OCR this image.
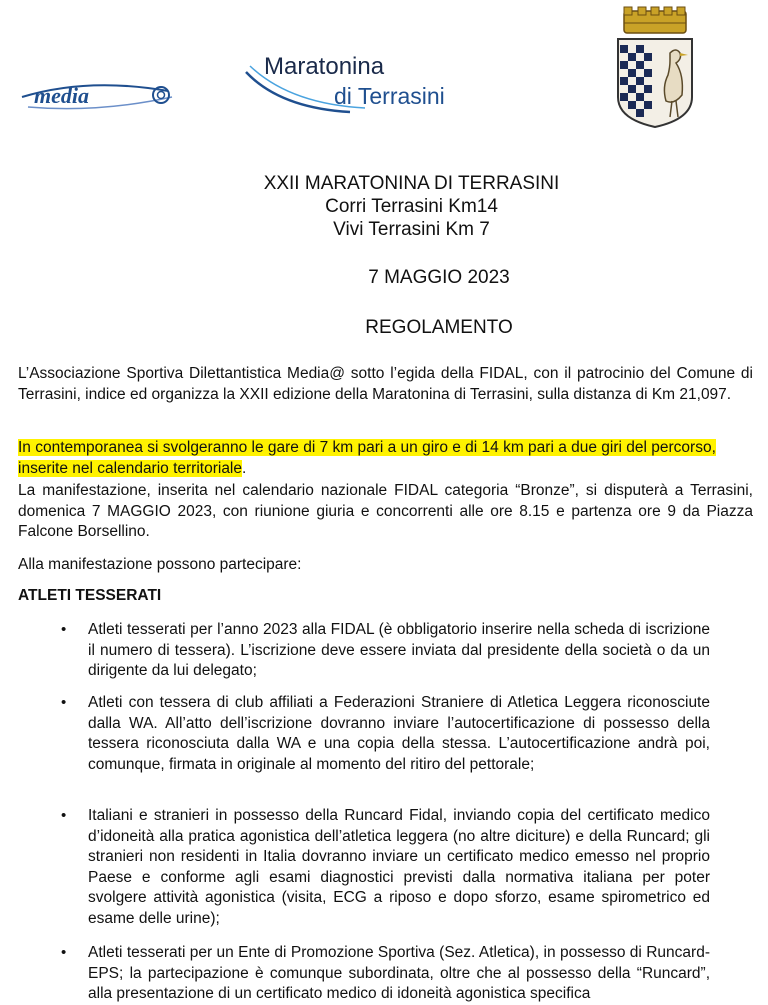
media
Maratonina
di Terrasini
XXII MARATONINA DI TERRASINI
Corri Terrasini Km14
Vivi Terrasini Km 7
7 MAGGIO 2023
REGOLAMENTO
L’Associazione Sportiva Dilettantistica Media@ sotto l’egida della FIDAL, con il patrocinio del Comune di Terrasini, indice ed organizza la XXII edizione della Maratonina di Terrasini, sulla distanza di Km 21,097.
In contemporanea si svolgeranno le gare di 7 km pari a un giro e di 14 km pari a due giri del percorso, inserite nel calendario territoriale.
La manifestazione, inserita nel calendario nazionale FIDAL categoria “Bronze”, si disputerà a Terrasini, domenica 7 MAGGIO 2023, con riunione giuria e concorrenti alle ore 8.15 e partenza ore 9 da Piazza Falcone Borsellino.
Alla manifestazione possono partecipare:
ATLETI TESSERATI
• Atleti tesserati per l’anno 2023 alla FIDAL (è obbligatorio inserire nella scheda di iscrizione il numero di tessera). L’iscrizione deve essere inviata dal presidente della società o da un dirigente da lui delegato;
• Atleti con tessera di club affiliati a Federazioni Straniere di Atletica Leggera riconosciute dalla WA. All’atto dell’iscrizione dovranno inviare l’autocertificazione di possesso della tessera riconosciuta dalla WA e una copia della stessa. L’autocertificazione andrà poi, comunque, firmata in originale al momento del ritiro del pettorale;
• Italiani e stranieri in possesso della Runcard Fidal, inviando copia del certificato medico d’idoneità alla pratica agonistica dell’atletica leggera (no altre diciture) e della Runcard; gli stranieri non residenti in Italia dovranno inviare un certificato medico emesso nel proprio Paese e conforme agli esami diagnostici previsti dalla normativa italiana per poter svolgere attività agonistica (visita, ECG a riposo e dopo sforzo, esame spirometrico ed esame delle urine);
• Atleti tesserati per un Ente di Promozione Sportiva (Sez. Atletica), in possesso di Runcard-EPS; la partecipazione è comunque subordinata, oltre che al possesso della “Runcard”, alla presentazione di un certificato medico di idoneità agonistica specifica
